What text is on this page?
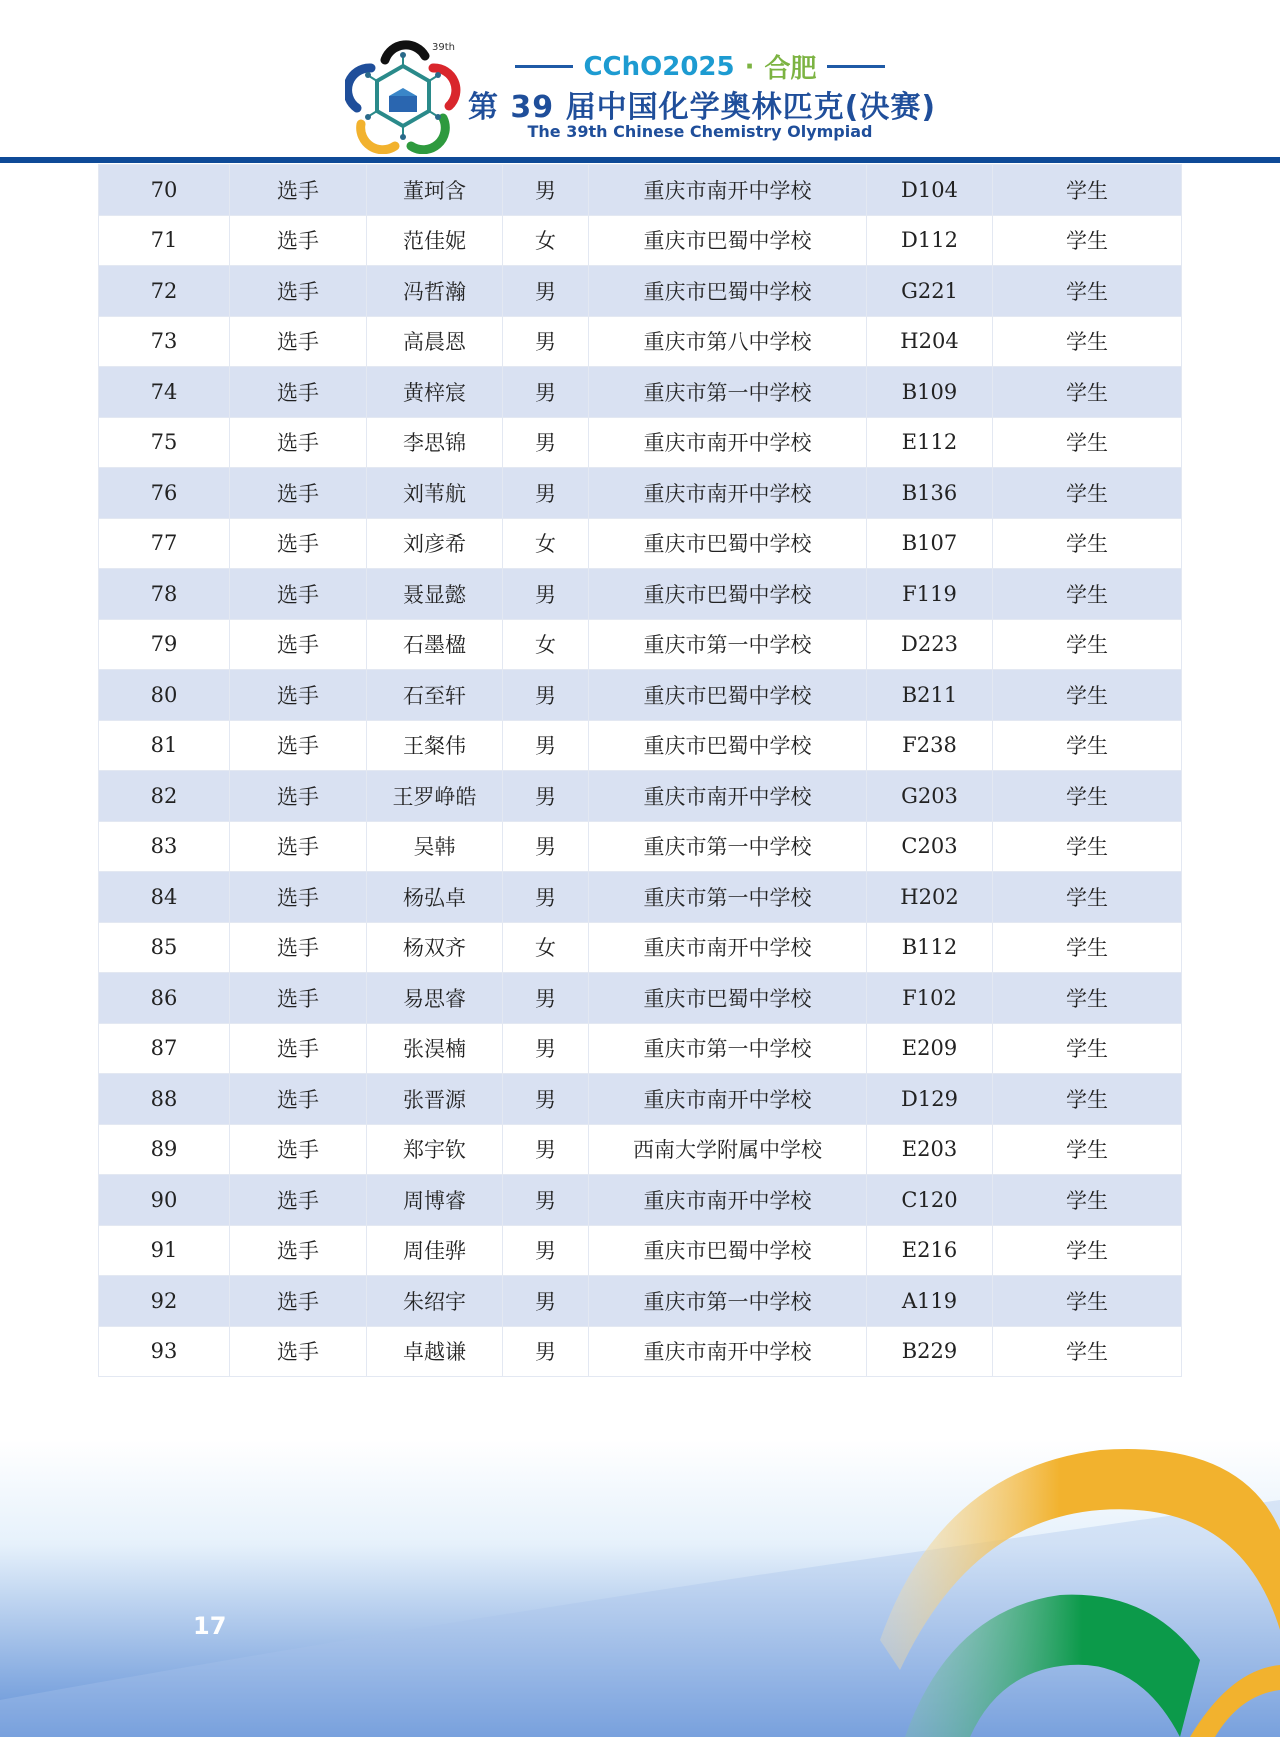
39th
CChO2025 · 合肥
第 39 届中国化学奥林匹克(决赛)
The 39th Chinese Chemistry Olympiad
70	选手	董珂含	男	重庆市南开中学校	D104	学生
71	选手	范佳妮	女	重庆市巴蜀中学校	D112	学生
72	选手	冯哲瀚	男	重庆市巴蜀中学校	G221	学生
73	选手	高晨恩	男	重庆市第八中学校	H204	学生
74	选手	黄梓宸	男	重庆市第一中学校	B109	学生
75	选手	李思锦	男	重庆市南开中学校	E112	学生
76	选手	刘苇航	男	重庆市南开中学校	B136	学生
77	选手	刘彦希	女	重庆市巴蜀中学校	B107	学生
78	选手	聂显懿	男	重庆市巴蜀中学校	F119	学生
79	选手	石墨楹	女	重庆市第一中学校	D223	学生
80	选手	石至轩	男	重庆市巴蜀中学校	B211	学生
81	选手	王粲伟	男	重庆市巴蜀中学校	F238	学生
82	选手	王罗峥皓	男	重庆市南开中学校	G203	学生
83	选手	吴韩	男	重庆市第一中学校	C203	学生
84	选手	杨弘卓	男	重庆市第一中学校	H202	学生
85	选手	杨双齐	女	重庆市南开中学校	B112	学生
86	选手	易思睿	男	重庆市巴蜀中学校	F102	学生
87	选手	张淏楠	男	重庆市第一中学校	E209	学生
88	选手	张晋源	男	重庆市南开中学校	D129	学生
89	选手	郑宇钦	男	西南大学附属中学校	E203	学生
90	选手	周博睿	男	重庆市南开中学校	C120	学生
91	选手	周佳骅	男	重庆市巴蜀中学校	E216	学生
92	选手	朱绍宇	男	重庆市第一中学校	A119	学生
93	选手	卓越谦	男	重庆市南开中学校	B229	学生
17
